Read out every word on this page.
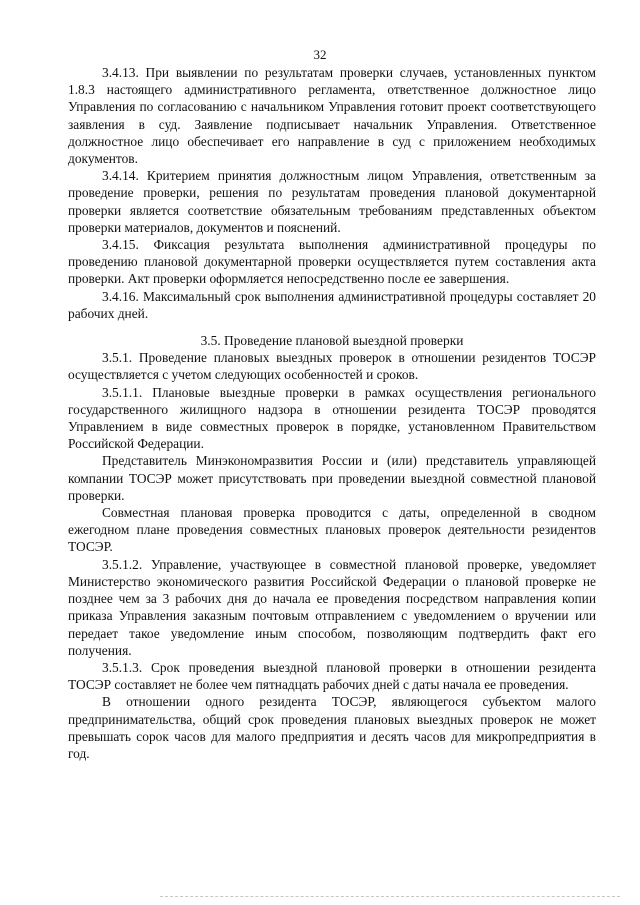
32

3.4.13. При выявлении по результатам проверки случаев, установленных пунктом 1.8.3 настоящего административного регламента, ответственное должностное лицо Управления по согласованию с начальником Управления готовит проект соответствующего заявления в суд. Заявление подписывает начальник Управления. Ответственное должностное лицо обеспечивает его направление в суд с приложением необходимых документов.

3.4.14. Критерием принятия должностным лицом Управления, ответственным за проведение проверки, решения по результатам проведения плановой документарной проверки является соответствие обязательным требованиям представленных объектом проверки материалов, документов и пояснений.

3.4.15. Фиксация результата выполнения административной процедуры по проведению плановой документарной проверки осуществляется путем составления акта проверки. Акт проверки оформляется непосредственно после ее завершения.

3.4.16. Максимальный срок выполнения административной процедуры составляет 20 рабочих дней.

3.5. Проведение плановой выездной проверки

3.5.1. Проведение плановых выездных проверок в отношении резидентов ТОСЭР осуществляется с учетом следующих особенностей и сроков.

3.5.1.1. Плановые выездные проверки в рамках осуществления регионального государственного жилищного надзора в отношении резидента ТОСЭР проводятся Управлением в виде совместных проверок в порядке, установленном Правительством Российской Федерации.

Представитель Минэкономразвития России и (или) представитель управляющей компании ТОСЭР может присутствовать при проведении выездной совместной плановой проверки.

Совместная плановая проверка проводится с даты, определенной в сводном ежегодном плане проведения совместных плановых проверок деятельности резидентов ТОСЭР.

3.5.1.2. Управление, участвующее в совместной плановой проверке, уведомляет Министерство экономического развития Российской Федерации о плановой проверке не позднее чем за 3 рабочих дня до начала ее проведения посредством направления копии приказа Управления заказным почтовым отправлением с уведомлением о вручении или передает такое уведомление иным способом, позволяющим подтвердить факт его получения.

3.5.1.3. Срок проведения выездной плановой проверки в отношении резидента ТОСЭР составляет не более чем пятнадцать рабочих дней с даты начала ее проведения.

В отношении одного резидента ТОСЭР, являющегося субъектом малого предпринимательства, общий срок проведения плановых выездных проверок не может превышать сорок часов для малого предприятия и десять часов для микропредприятия в год.
